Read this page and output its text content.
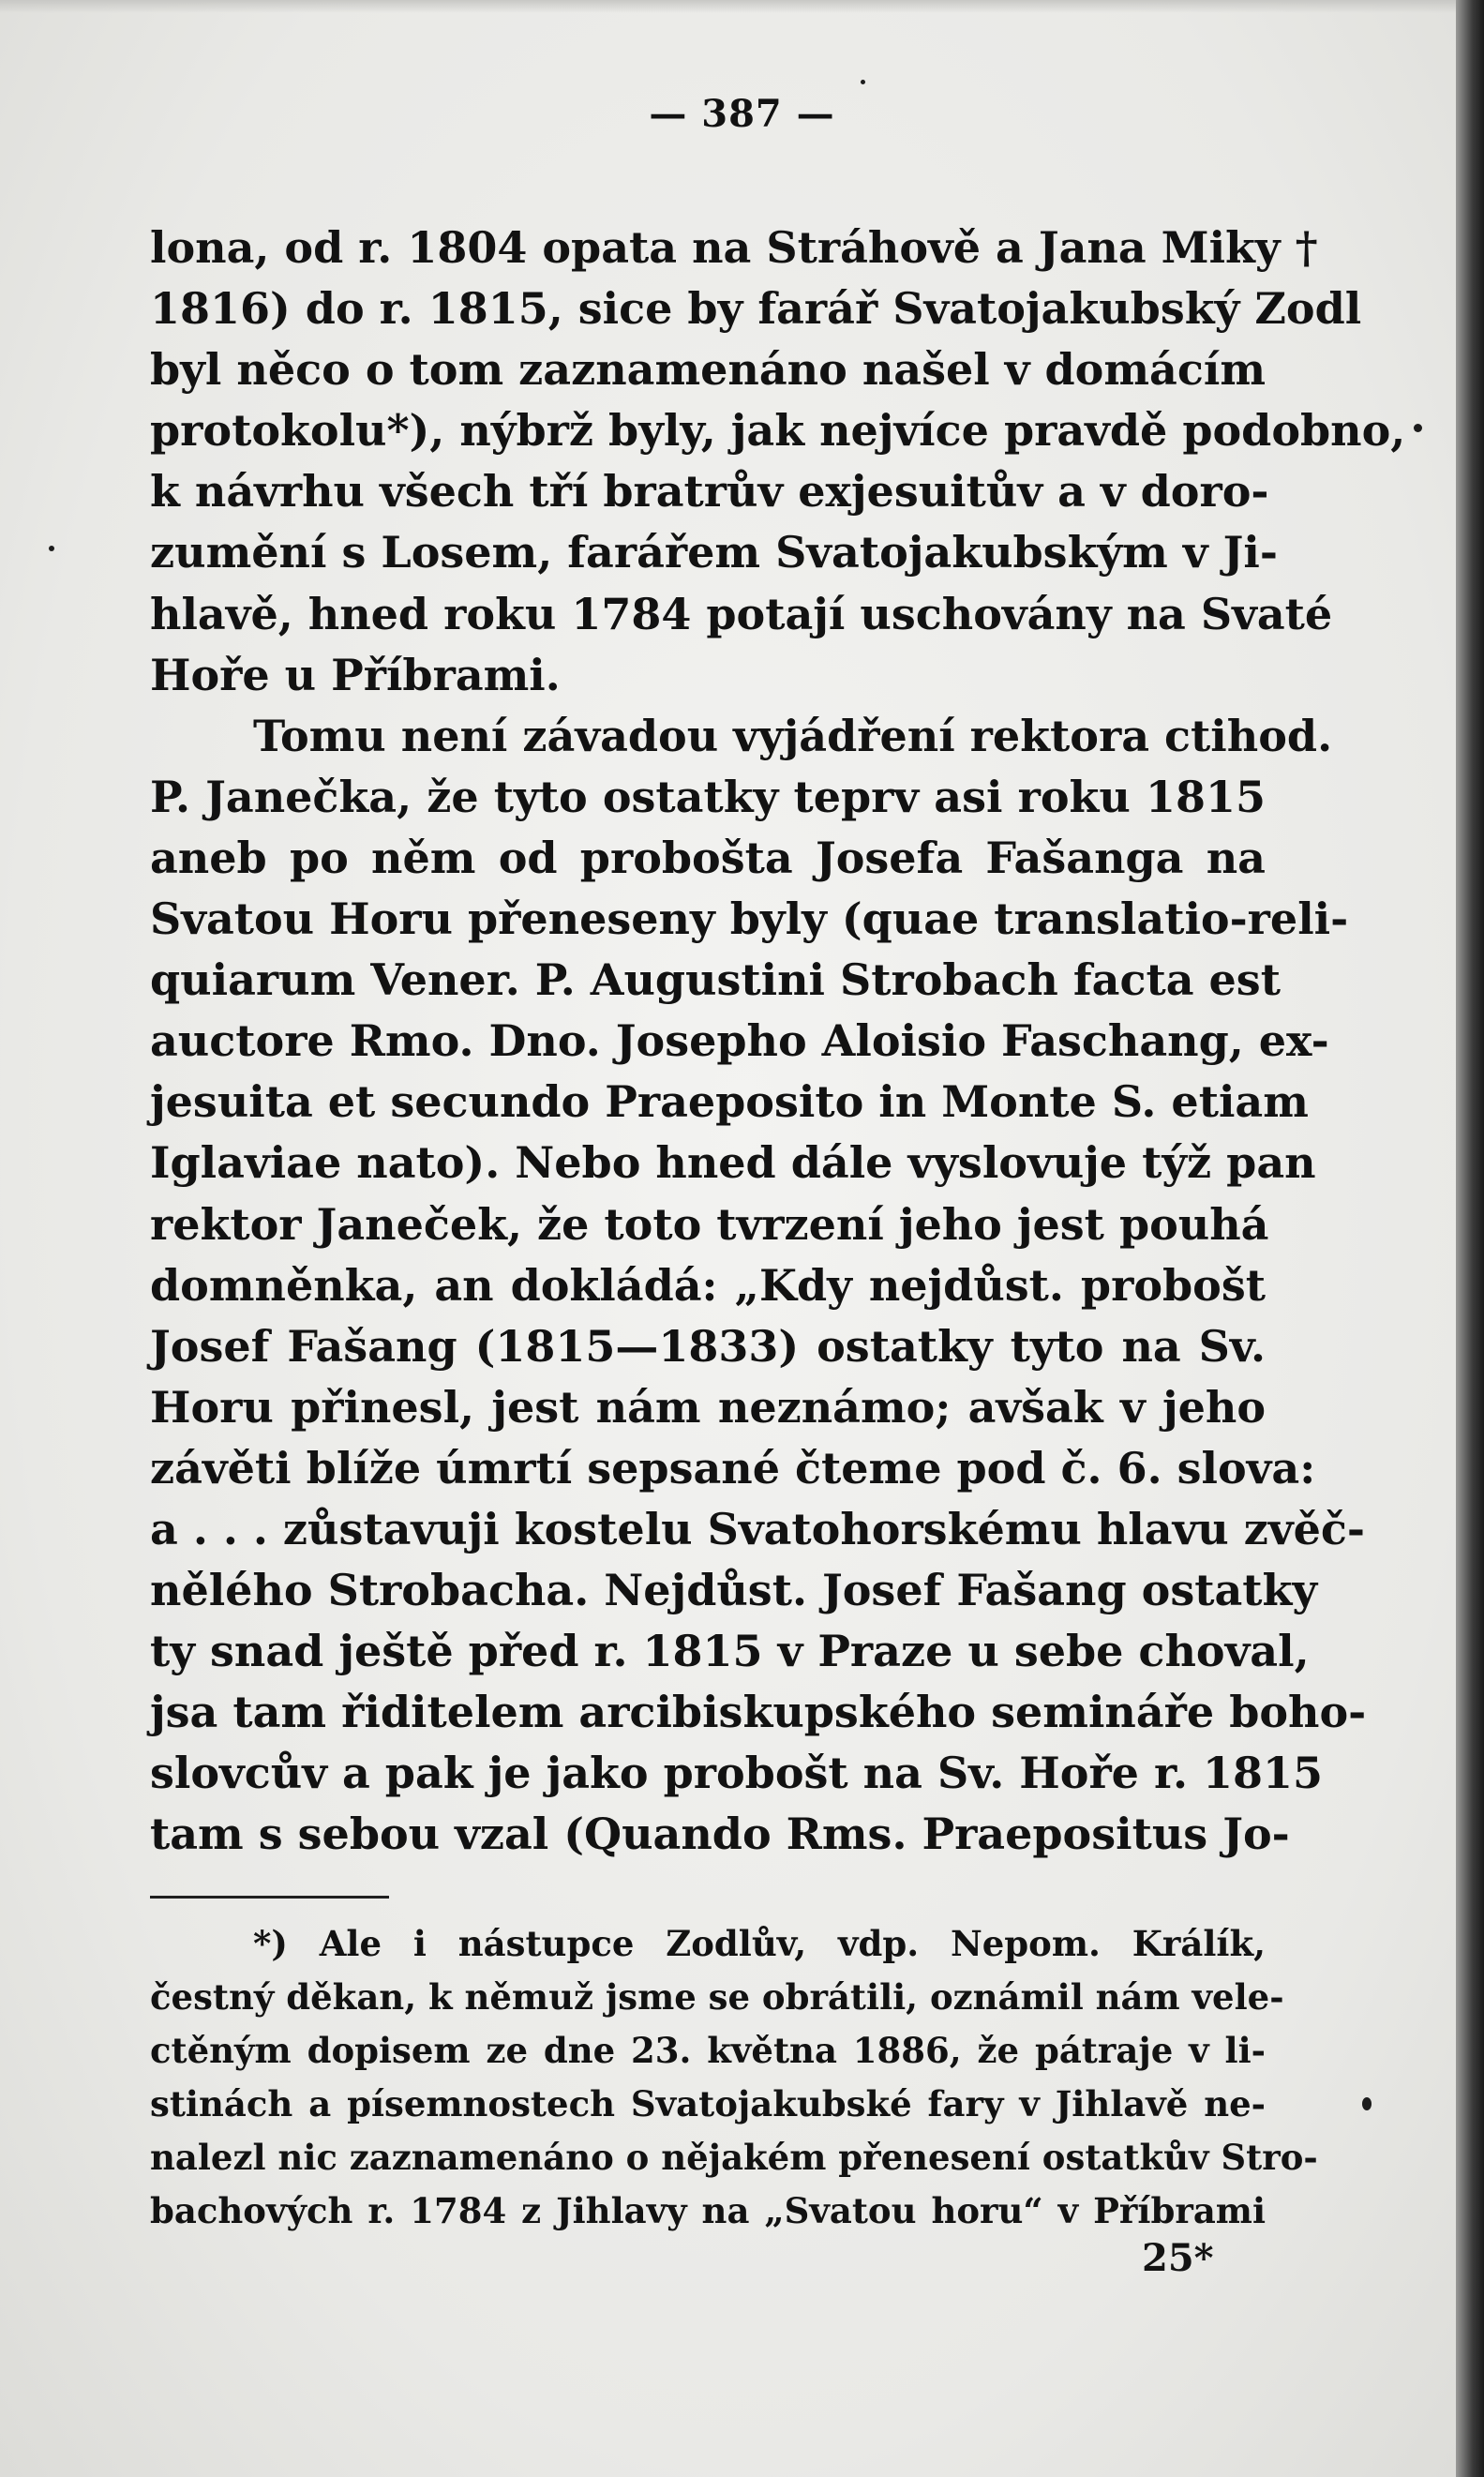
— 387 —
lona, od r. 1804 opata na Stráhově a Jana Miky †
1816) do r. 1815, sice by farář Svatojakubský Zodl
byl něco o tom zaznamenáno našel v domácím
protokolu*), nýbrž byly, jak nejvíce pravdě podobno,
k návrhu všech tří bratrův exjesuitův a v doro-
zumění s Losem, farářem Svatojakubským v Ji-
hlavě, hned roku 1784 potají uschovány na Svaté
Hoře u Příbrami.
Tomu není závadou vyjádření rektora ctihod.
P. Janečka, že tyto ostatky teprv asi roku 1815
aneb po něm od proboštа Josefa Fašanga na
Svatou Horu přeneseny byly (quae translatio-reli-
quiarum Vener. P. Augustini Strobach facta est
auctore Rmo. Dno. Josepho Aloisio Faschang, ex-
jesuita et secundo Praeposito in Monte S. etiam
Iglaviae nato). Nebo hned dále vyslovuje týž pan
rektor Janeček, že toto tvrzení jeho jest pouhá
domněnka, an dokládá: „Kdy nejdůst. probošt
Josef Fašang (1815—1833) ostatky tyto na Sv.
Horu přinesl, jest nám neznámo; avšak v jeho
závěti blíže úmrtí sepsané čteme pod č. 6. slova:
a . . . zůstavuji kostelu Svatohorskému hlavu zvěč-
nělého Strobacha. Nejdůst. Josef Fašang ostatky
ty snad ještě před r. 1815 v Praze u sebe choval,
jsa tam řiditelem arcibiskupského semináře boho-
slovcův a pak je jako probošt na Sv. Hoře r. 1815
tam s sebou vzal (Quando Rms. Praepositus Jo-
*) Ale i nástupce Zodlův, vdp. Nepom. Králík,
čestný děkan, k němuž jsme se obrátili, oznámil nám vele-
ctěným dopisem ze dne 23. května 1886, že pátraje v li-
stinách a písemnostech Svatojakubské fary v Jihlavě ne-
nalezl nic zaznamenáno o nějakém přenesení ostatkův Stro-
bachových r. 1784 z Jihlavy na „Svatou horu“ v Příbrami
25*
